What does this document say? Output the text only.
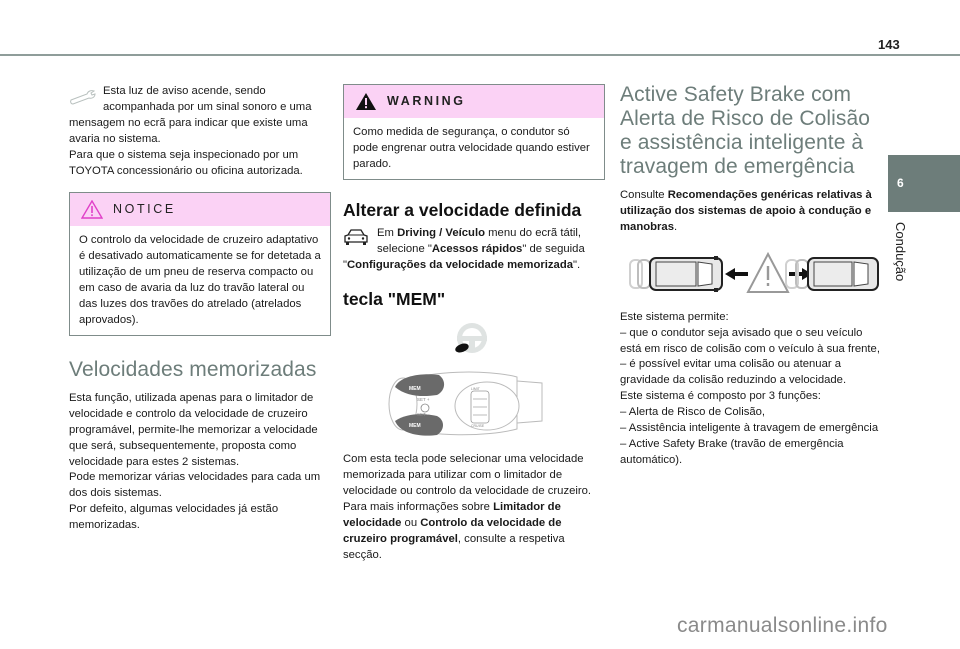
143
6
Condução

Esta luz de aviso acende, sendo acompanhada por um sinal sonoro e uma mensagem no ecrã para indicar que existe uma avaria no sistema.

Para que o sistema seja inspecionado por um TOYOTA concessionário ou oficina autorizada.

NOTICE
O controlo da velocidade de cruzeiro adaptativo é desativado automaticamente se for detetada a utilização de um pneu de reserva compacto ou em caso de avaria da luz do travão lateral ou das luzes dos travões do atrelado (atrelados aprovados).
Velocidades memorizadas

Esta função, utilizada apenas para o limitador de velocidade e controlo da velocidade de cruzeiro programável, permite-lhe memorizar a velocidade que será, subsequentemente, proposta como velocidade para estes 2 sistemas.

Pode memorizar várias velocidades para cada um dos dois sistemas.

Por defeito, algumas velocidades já estão memorizadas.

WARNING
Como medida de segurança, o condutor só pode engrenar outra velocidade quando estiver parado.
Alterar a velocidade definida

Em Driving / Veículo menu do ecrã tátil, selecione "Acessos rápidos" de seguida "Configurações da velocidade memorizada".

tecla "MEM"
MEM
MEM
SET +
SET –
LIMIT
CRUISE

Com esta tecla pode selecionar uma velocidade memorizada para utilizar com o limitador de velocidade ou controlo da velocidade de cruzeiro.

Para mais informações sobre Limitador de velocidade ou Controlo da velocidade de cruzeiro programável, consulte a respetiva secção.

Active Safety Brake com Alerta de Risco de Colisão e assistência inteligente à travagem de emergência

Consulte Recomendações genéricas relativas à utilização dos sistemas de apoio à condução e manobras.

Este sistema permite:

– que o condutor seja avisado que o seu veículo está em risco de colisão com o veículo à sua frente,

– é possível evitar uma colisão ou atenuar a gravidade da colisão reduzindo a velocidade.

Este sistema é composto por 3 funções:

– Alerta de Risco de Colisão,

– Assistência inteligente à travagem de emergência

– Active Safety Brake (travão de emergência automático).

carmanualsonline.info
